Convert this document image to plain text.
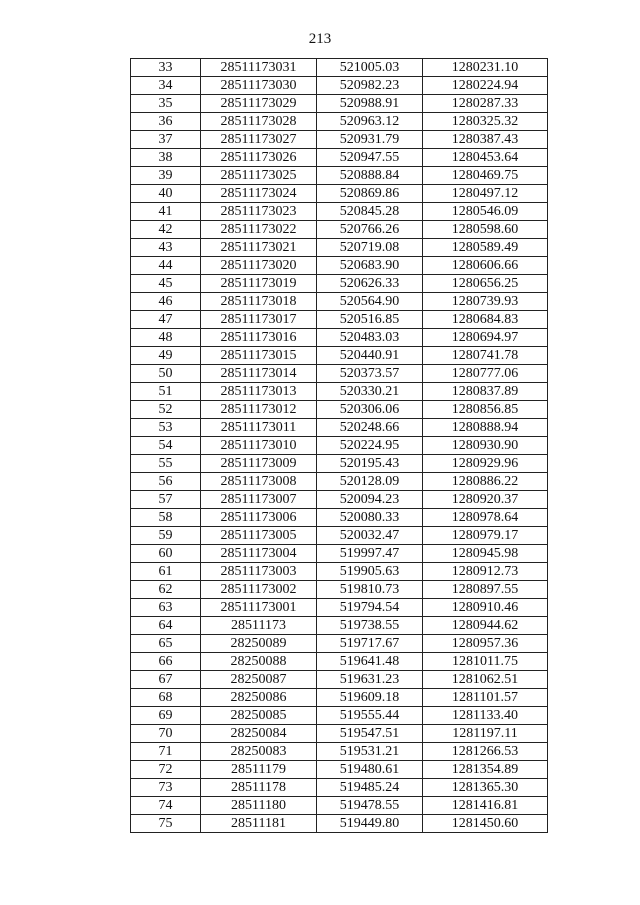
213
33	28511173031	521005.03	1280231.10
34	28511173030	520982.23	1280224.94
35	28511173029	520988.91	1280287.33
36	28511173028	520963.12	1280325.32
37	28511173027	520931.79	1280387.43
38	28511173026	520947.55	1280453.64
39	28511173025	520888.84	1280469.75
40	28511173024	520869.86	1280497.12
41	28511173023	520845.28	1280546.09
42	28511173022	520766.26	1280598.60
43	28511173021	520719.08	1280589.49
44	28511173020	520683.90	1280606.66
45	28511173019	520626.33	1280656.25
46	28511173018	520564.90	1280739.93
47	28511173017	520516.85	1280684.83
48	28511173016	520483.03	1280694.97
49	28511173015	520440.91	1280741.78
50	28511173014	520373.57	1280777.06
51	28511173013	520330.21	1280837.89
52	28511173012	520306.06	1280856.85
53	28511173011	520248.66	1280888.94
54	28511173010	520224.95	1280930.90
55	28511173009	520195.43	1280929.96
56	28511173008	520128.09	1280886.22
57	28511173007	520094.23	1280920.37
58	28511173006	520080.33	1280978.64
59	28511173005	520032.47	1280979.17
60	28511173004	519997.47	1280945.98
61	28511173003	519905.63	1280912.73
62	28511173002	519810.73	1280897.55
63	28511173001	519794.54	1280910.46
64	28511173	519738.55	1280944.62
65	28250089	519717.67	1280957.36
66	28250088	519641.48	1281011.75
67	28250087	519631.23	1281062.51
68	28250086	519609.18	1281101.57
69	28250085	519555.44	1281133.40
70	28250084	519547.51	1281197.11
71	28250083	519531.21	1281266.53
72	28511179	519480.61	1281354.89
73	28511178	519485.24	1281365.30
74	28511180	519478.55	1281416.81
75	28511181	519449.80	1281450.60
